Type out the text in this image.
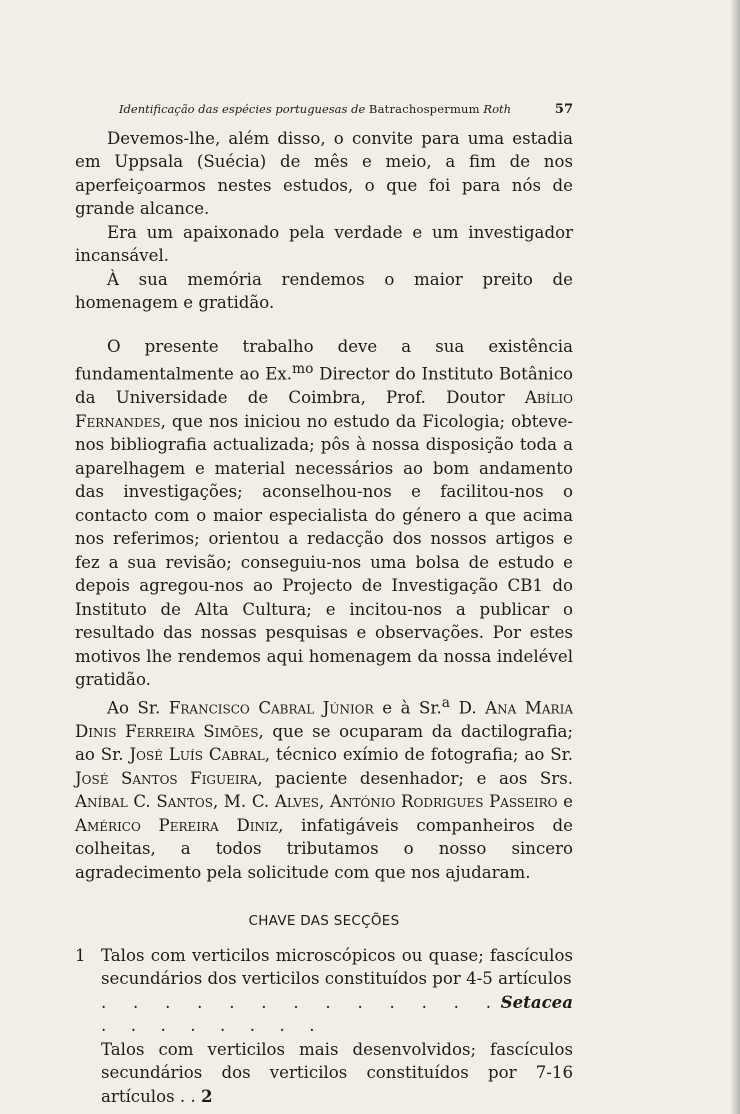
Identificação das espécies portuguesas de Batrachospermum Roth	57

Devemos-lhe, além disso, o convite para uma estadia em Uppsala (Suécia) de mês e meio, a fim de nos aperfeiçoarmos nestes estudos, o que foi para nós de grande alcance.

Era um apaixonado pela verdade e um investigador incansável.

À sua memória rendemos o maior preito de homenagem e gratidão.

O presente trabalho deve a sua existência fundamentalmente ao Ex.$^{mo}$ Director do Instituto Botânico da Universidade de Coimbra, Prof. Doutor Abílio Fernandes, que nos iniciou no estudo da Ficologia; obteve-nos bibliografia actualizada; pôs à nossa disposição toda a aparelhagem e material necessários ao bom andamento das investigações; aconselhou-nos e facilitou-nos o contacto com o maior especialista do género a que acima nos referimos; orientou a redacção dos nossos artigos e fez a sua revisão; conseguiu-nos uma bolsa de estudo e depois agregou-nos ao Projecto de Investigação CB1 do Instituto de Alta Cultura; e incitou-nos a publicar o resultado das nossas pesquisas e observações. Por estes motivos lhe rendemos aqui homenagem da nossa indelével gratidão.

Ao Sr. Francisco Cabral Júnior e à Sr.$^a$ D. Ana Maria Dinis Ferreira Simões, que se ocuparam da dactilografia; ao Sr. José Luís Cabral, técnico exímio de fotografia; ao Sr. José Santos Figueira, paciente desenhador; e aos Srs. Aníbal C. Santos, M. C. Alves, António Rodrigues Passeiro e Américo Pereira Diniz, infatigáveis companheiros de colheitas, a todos tributamos o nosso sincero agradecimento pela solicitude com que nos ajudaram.

CHAVE DAS SECÇÕES
1 Talos com verticilos microscópicos ou quase; fascículos secundários dos verticilos constituídos por 4-5 artículos
. . . . . . . . . . . . . . . . . . . . .
Setacea
Talos com verticilos mais desenvolvidos; fascículos secundários dos verticilos constituídos por 7-16 artículos . . 2
